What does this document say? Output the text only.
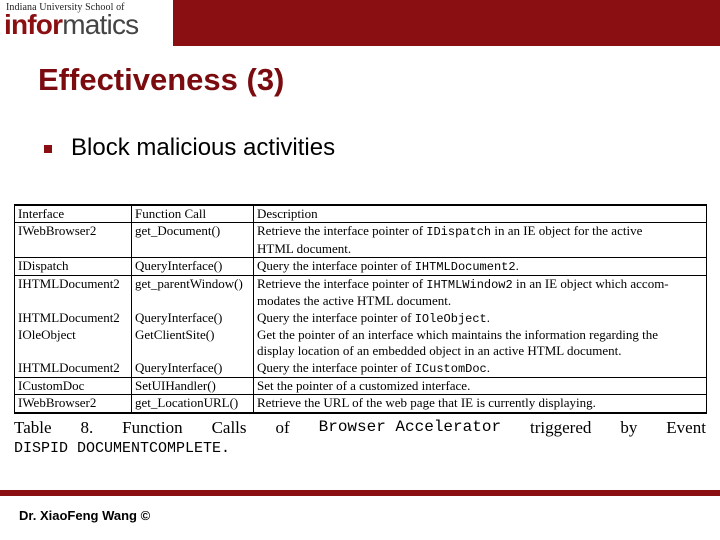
Indiana University School of
informatics
Effectiveness (3)
Block malicious activities
Interface	Function Call	Description
IWebBrowser2	get_Document()	Retrieve the interface pointer of IDispatch in an IE object for the active
HTML document.

IDispatch	QueryInterface()	Query the interface pointer of IHTMLDocument2.

IHTMLDocument2	get_parentWindow()	Retrieve the interface pointer of IHTMLWindow2 in an IE object which accom-
modates the active HTML document.

IHTMLDocument2	QueryInterface()	Query the interface pointer of IOleObject.

IOleObject	GetClientSite()	Get the pointer of an interface which maintains the information regarding the
display location of an embedded object in an active HTML document.

IHTMLDocument2	QueryInterface()	Query the interface pointer of ICustomDoc.

ICustomDoc	SetUIHandler()	Set the pointer of a customized interface.

IWebBrowser2	get_LocationURL()	Retrieve the URL of the web page that IE is currently displaying.
Table 8. Function Calls of Browser Accelerator triggered by Event
DISPID DOCUMENTCOMPLETE.
Dr. XiaoFeng Wang ©
